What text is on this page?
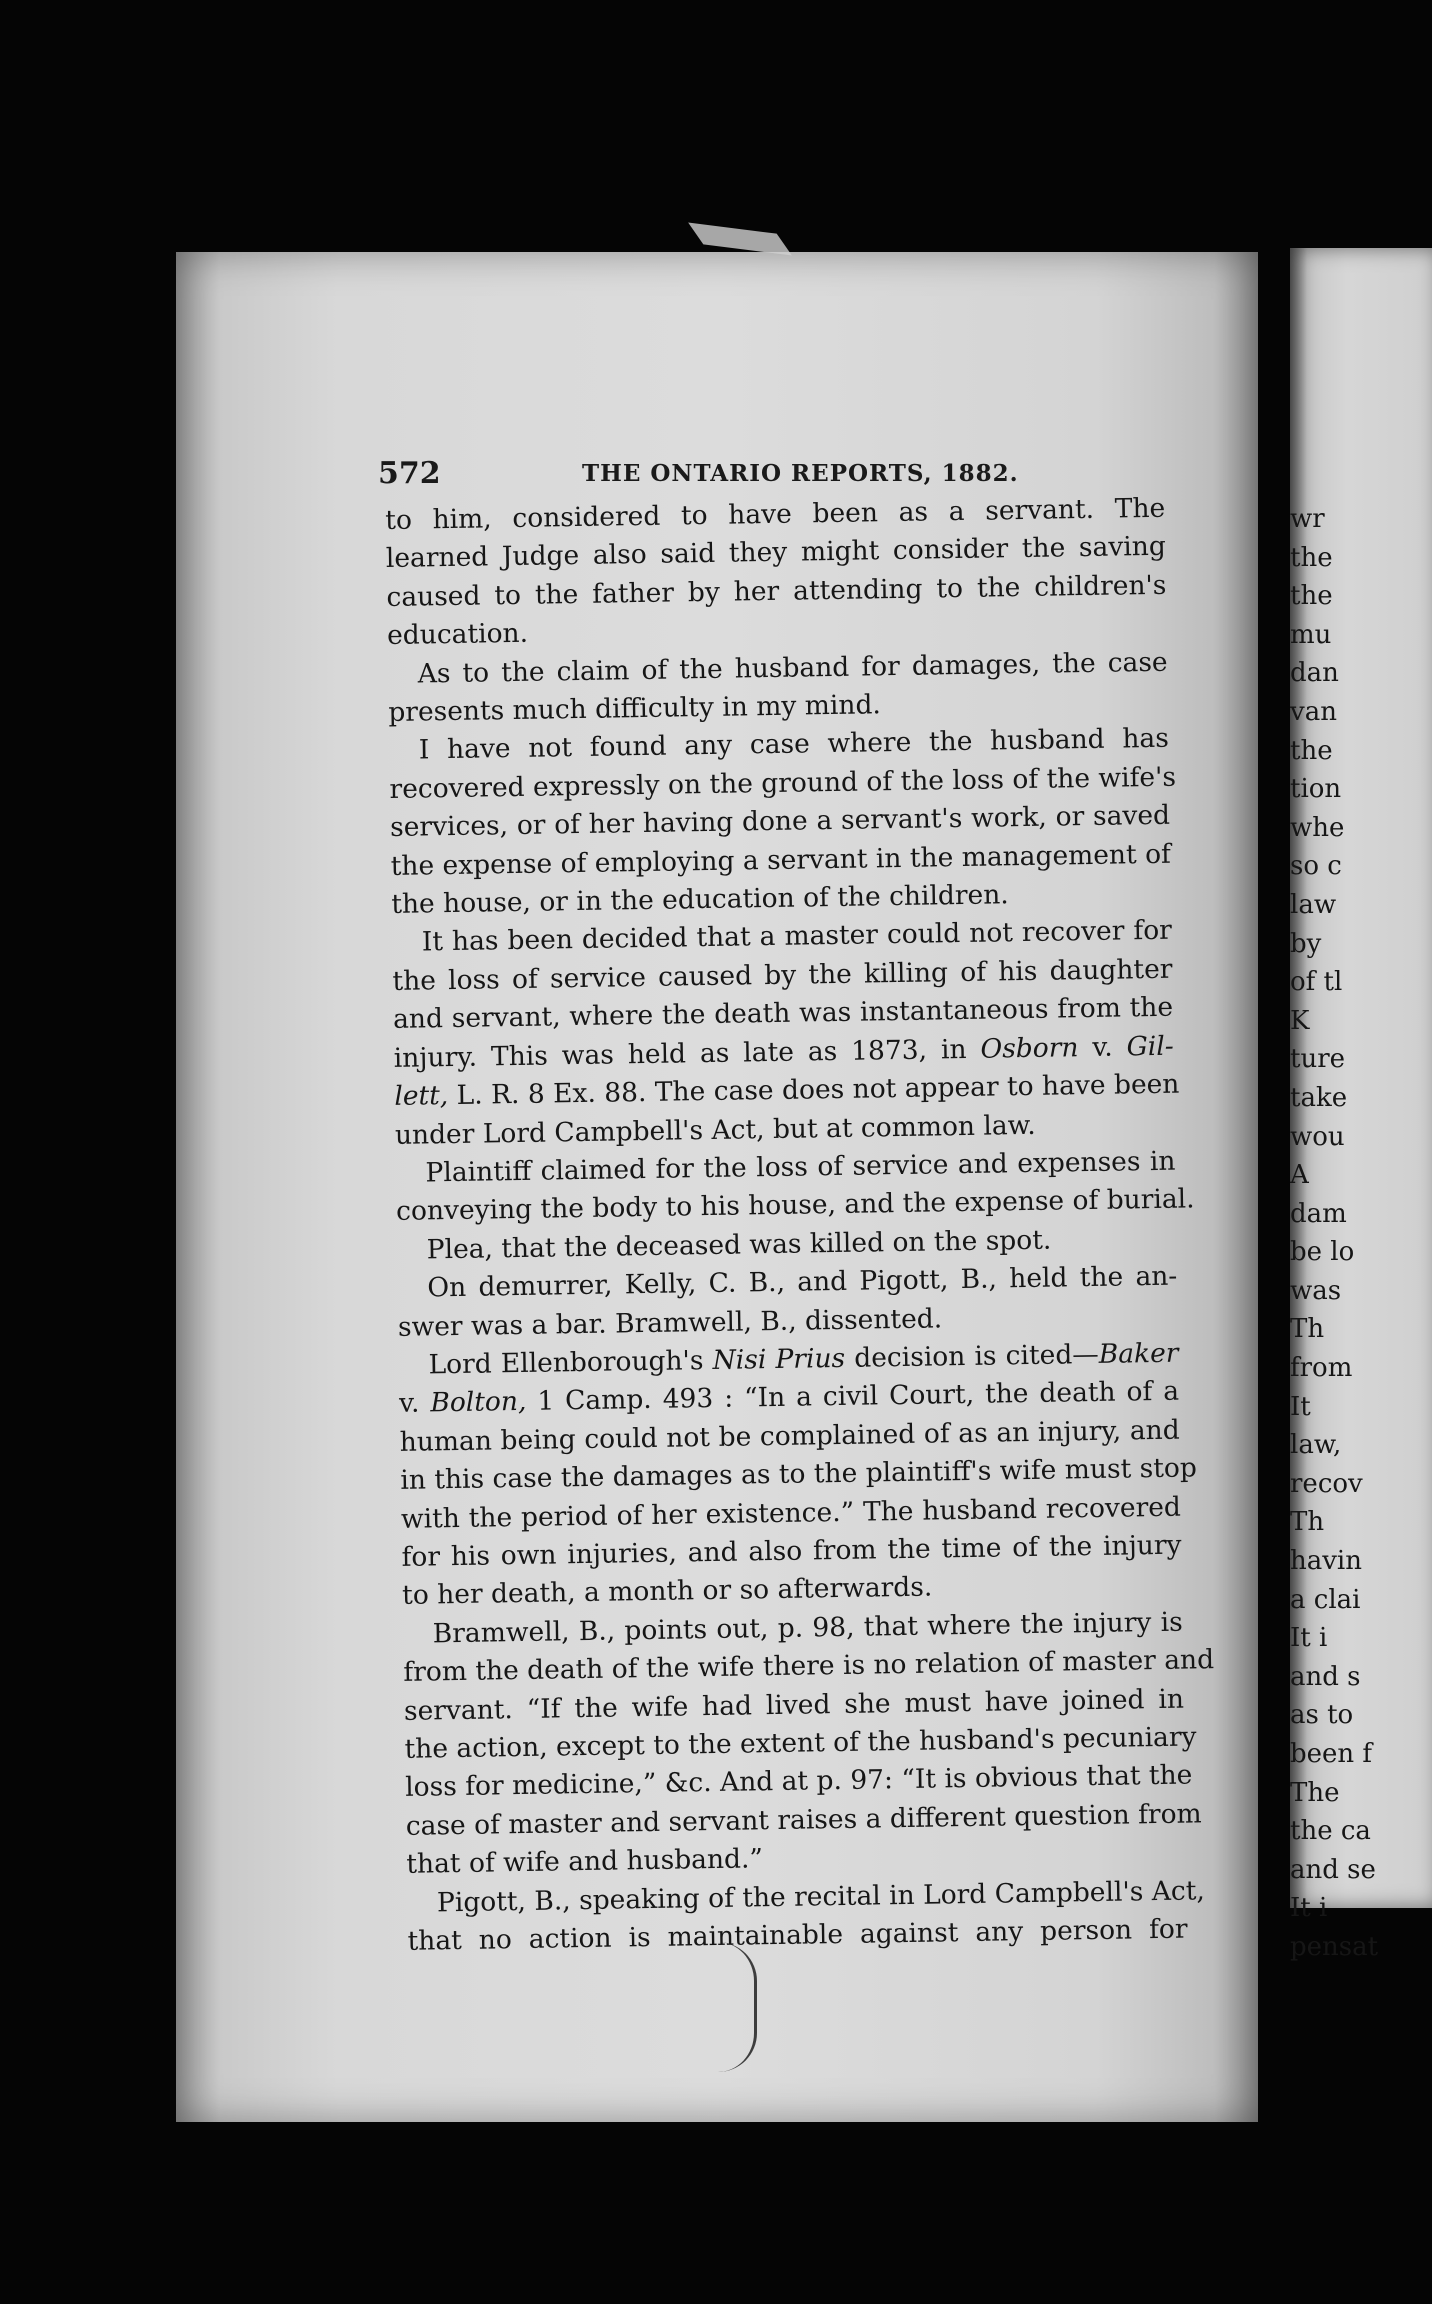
572	THE ONTARIO REPORTS, 1882.
to him, considered to have been as a servant. The
learned Judge also said they might consider the saving
caused to the father by her attending to the children's
education.
As to the claim of the husband for damages, the case
presents much difficulty in my mind.
I have not found any case where the husband has
recovered expressly on the ground of the loss of the wife's
services, or of her having done a servant's work, or saved
the expense of employing a servant in the management of
the house, or in the education of the children.
It has been decided that a master could not recover for
the loss of service caused by the killing of his daughter
and servant, where the death was instantaneous from the
injury. This was held as late as 1873, in Osborn v. Gil-
lett, L. R. 8 Ex. 88. The case does not appear to have been
under Lord Campbell's Act, but at common law.
Plaintiff claimed for the loss of service and expenses in
conveying the body to his house, and the expense of burial.
Plea, that the deceased was killed on the spot.
On demurrer, Kelly, C. B., and Pigott, B., held the an-
swer was a bar. Bramwell, B., dissented.
Lord Ellenborough's Nisi Prius decision is cited—Baker
v. Bolton, 1 Camp. 493 : “In a civil Court, the death of a
human being could not be complained of as an injury, and
in this case the damages as to the plaintiff's wife must stop
with the period of her existence.” The husband recovered
for his own injuries, and also from the time of the injury
to her death, a month or so afterwards.
Bramwell, B., points out, p. 98, that where the injury is
from the death of the wife there is no relation of master and
servant. “If the wife had lived she must have joined in
the action, except to the extent of the husband's pecuniary
loss for medicine,” &c. And at p. 97: “It is obvious that the
case of master and servant raises a different question from
that of wife and husband.”
Pigott, B., speaking of the recital in Lord Campbell's Act,
that no action is maintainable against any person for
wr
the
the
mu
dan
van
the
tion
whe
so c
law
by
of tl
K
ture
take
wou
A
dam
be lo
was
Th
from
It
law,
recov
Th
havin
a clai
It i
and s
as to
been f
The
the ca
and se
It i
pensat
